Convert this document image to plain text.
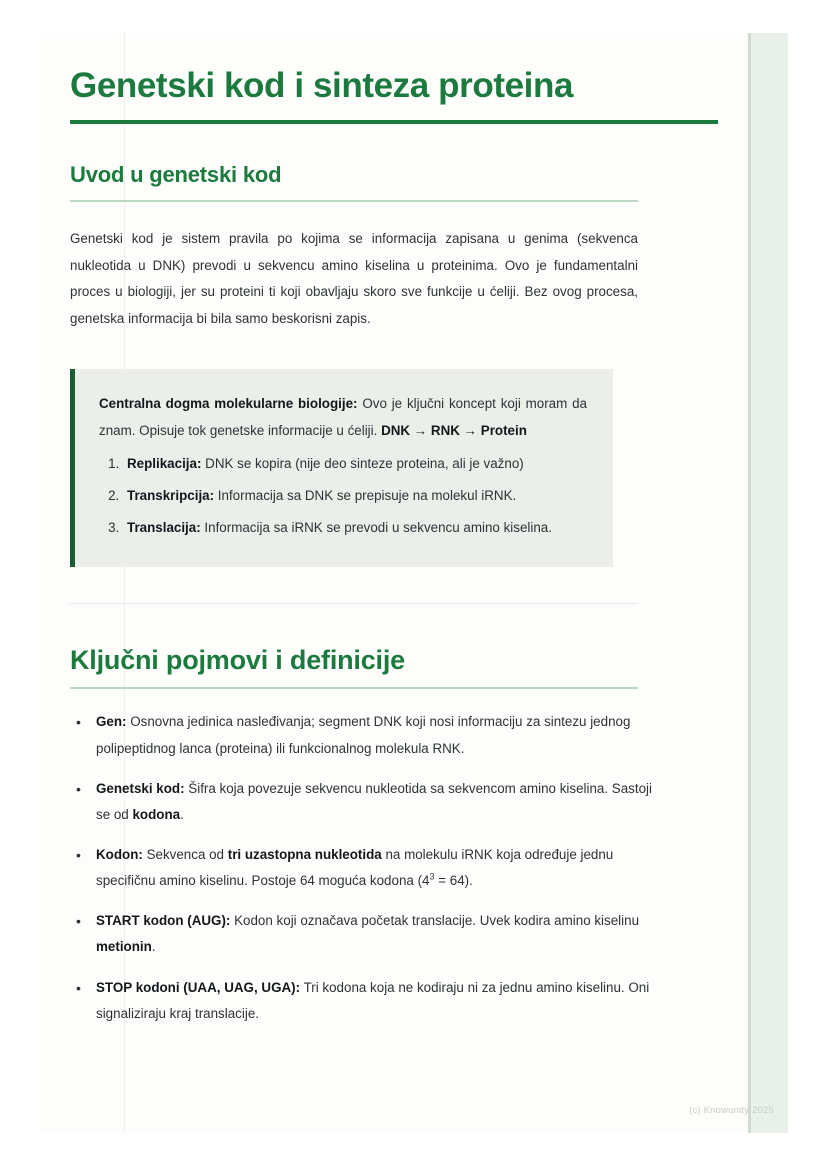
Genetski kod i sinteza proteina
Uvod u genetski kod

Genetski kod je sistem pravila po kojima se informacija zapisana u genima (sekvenca nukleotida u DNK) prevodi u sekvencu amino kiselina u proteinima. Ovo je fundamentalni proces u biologiji, jer su proteini ti koji obavljaju skoro sve funkcije u ćeliji. Bez ovog procesa, genetska informacija bi bila samo beskorisni zapis.

Centralna dogma molekularne biologije: Ovo je ključni koncept koji moram da znam. Opisuje tok genetske informacije u ćeliji. DNK → RNK → Protein

1. Replikacija: DNK se kopira (nije deo sinteze proteina, ali je važno)
2. Transkripcija: Informacija sa DNK se prepisuje na molekul iRNK.
3. Translacija: Informacija sa iRNK se prevodi u sekvencu amino kiselina.
Ključni pojmovi i definicije
• Gen: Osnovna jedinica nasleđivanja; segment DNK koji nosi informaciju za sintezu jednog polipeptidnog lanca (proteina) ili funkcionalnog molekula RNK.
• Genetski kod: Šifra koja povezuje sekvencu nukleotida sa sekvencom amino kiselina. Sastoji se od kodona.
• Kodon: Sekvenca od tri uzastopna nukleotida na molekulu iRNK koja određuje jednu specifičnu amino kiselinu. Postoje 64 moguća kodona $(4^3 = 64)$.
• START kodon (AUG): Kodon koji označava početak translacije. Uvek kodira amino kiselinu metionin.
• STOP kodoni (UAA, UAG, UGA): Tri kodona koja ne kodiraju ni za jednu amino kiselinu. Oni signaliziraju kraj translacije.
(c) Knowunity 2025
